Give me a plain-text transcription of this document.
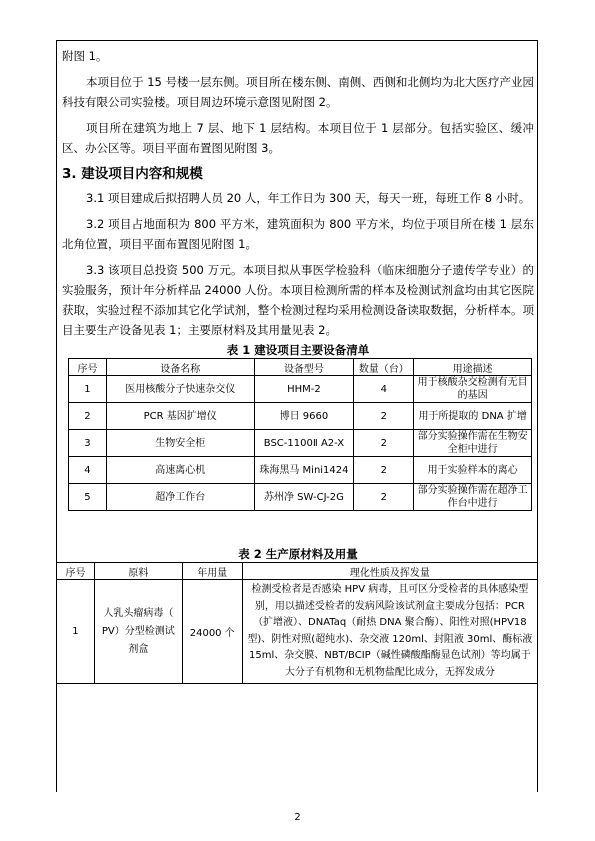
附图 1。

本项目位于 15 号楼一层东侧。项目所在楼东侧、南侧、西侧和北侧均为北大医疗产业园科技有限公司实验楼。项目周边环境示意图见附图 2。

项目所在建筑为地上 7 层、地下 1 层结构。本项目位于 1 层部分。包括实验区、缓冲区、办公区等。项目平面布置图见附图 3。

3. 建设项目内容和规模

3.1 项目建成后拟招聘人员 20 人，年工作日为 300 天，每天一班，每班工作 8 小时。

3.2 项目占地面积为 800 平方米，建筑面积为 800 平方米，均位于项目所在楼 1 层东北角位置，项目平面布置图见附图 1。

3.3 该项目总投资 500 万元。本项目拟从事医学检验科（临床细胞分子遗传学专业）的实验服务，预计年分析样品 24000 人份。本项目检测所需的样本及检测试剂盒均由其它医院获取，实验过程不添加其它化学试剂，整个检测过程均采用检测设备读取数据，分析样本。项目主要生产设备见表 1；主要原材料及其用量见表 2。

表 1 建设项目主要设备清单
序号	设备名称	设备型号	数量（台）	用途描述
1	医用核酸分子快速杂交仪	HHM-2	4	用于核酸杂交检测有无目的基因
2	PCR 基因扩增仪	博日 9660	2	用于所提取的 DNA 扩增
3	生物安全柜	BSC-1100Ⅱ A2-X	2	部分实验操作需在生物安全柜中进行
4	高速离心机	珠海黑马 Mini1424	2	用于实验样本的离心
5	超净工作台	苏州净 SW-CJ-2G	2	部分实验操作需在超净工作台中进行
表 2 生产原材料及用量
序号	原料	年用量	理化性质及挥发量
1	人乳头瘤病毒（ PV）分型检测试剂盒	24000 个	检测受检者是否感染 HPV 病毒，且可区分受检者的具体感染型别，用以描述受检者的发病风险该试剂盒主要成分包括：PCR（扩增液）、DNATaq（耐热 DNA 聚合酶）、阳性对照(HPV18 型)、阴性对照(超纯水)、杂交液 120ml、封阻液 30ml、酶标液 15ml、杂交膜、NBT/BCIP（碱性磷酸酯酶显色试剂）等均属于大分子有机物和无机物盐配比成分，无挥发成分
2
